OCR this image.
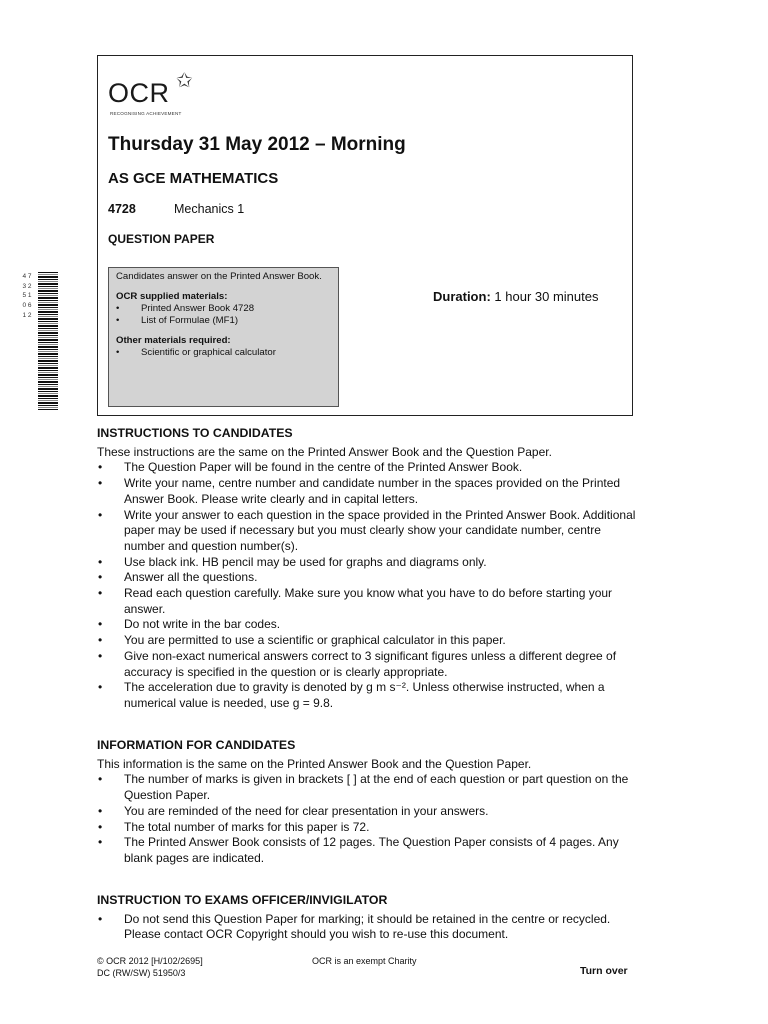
OCR ✩
RECOGNISING ACHIEVEMENT
Thursday 31 May 2012 – Morning
AS GCE MATHEMATICS
4728	Mechanics 1
QUESTION PAPER
Candidates answer on the Printed Answer Book.
OCR supplied materials:
• Printed Answer Book 4728
• List of Formulae (MF1)
Other materials required:
• Scientific or graphical calculator
Duration: 1 hour 30 minutes
4 7 3 2 5 1 0 6 1 2
INSTRUCTIONS TO CANDIDATES
These instructions are the same on the Printed Answer Book and the Question Paper.
• The Question Paper will be found in the centre of the Printed Answer Book.
• Write your name, centre number and candidate number in the spaces provided on the Printed Answer Book. Please write clearly and in capital letters.
• Write your answer to each question in the space provided in the Printed Answer Book. Additional paper may be used if necessary but you must clearly show your candidate number, centre number and question number(s).
• Use black ink. HB pencil may be used for graphs and diagrams only.
• Answer all the questions.
• Read each question carefully. Make sure you know what you have to do before starting your answer.
• Do not write in the bar codes.
• You are permitted to use a scientific or graphical calculator in this paper.
• Give non-exact numerical answers correct to 3 significant figures unless a different degree of accuracy is specified in the question or is clearly appropriate.
• The acceleration due to gravity is denoted by g m s⁻². Unless otherwise instructed, when a numerical value is needed, use g = 9.8.
INFORMATION FOR CANDIDATES
This information is the same on the Printed Answer Book and the Question Paper.
• The number of marks is given in brackets [ ] at the end of each question or part question on the Question Paper.
• You are reminded of the need for clear presentation in your answers.
• The total number of marks for this paper is 72.
• The Printed Answer Book consists of 12 pages. The Question Paper consists of 4 pages. Any blank pages are indicated.
INSTRUCTION TO EXAMS OFFICER/INVIGILATOR
• Do not send this Question Paper for marking; it should be retained in the centre or recycled. Please contact OCR Copyright should you wish to re-use this document.
© OCR 2012 [H/102/2695]
DC (RW/SW) 51950/3
OCR is an exempt Charity
Turn over
